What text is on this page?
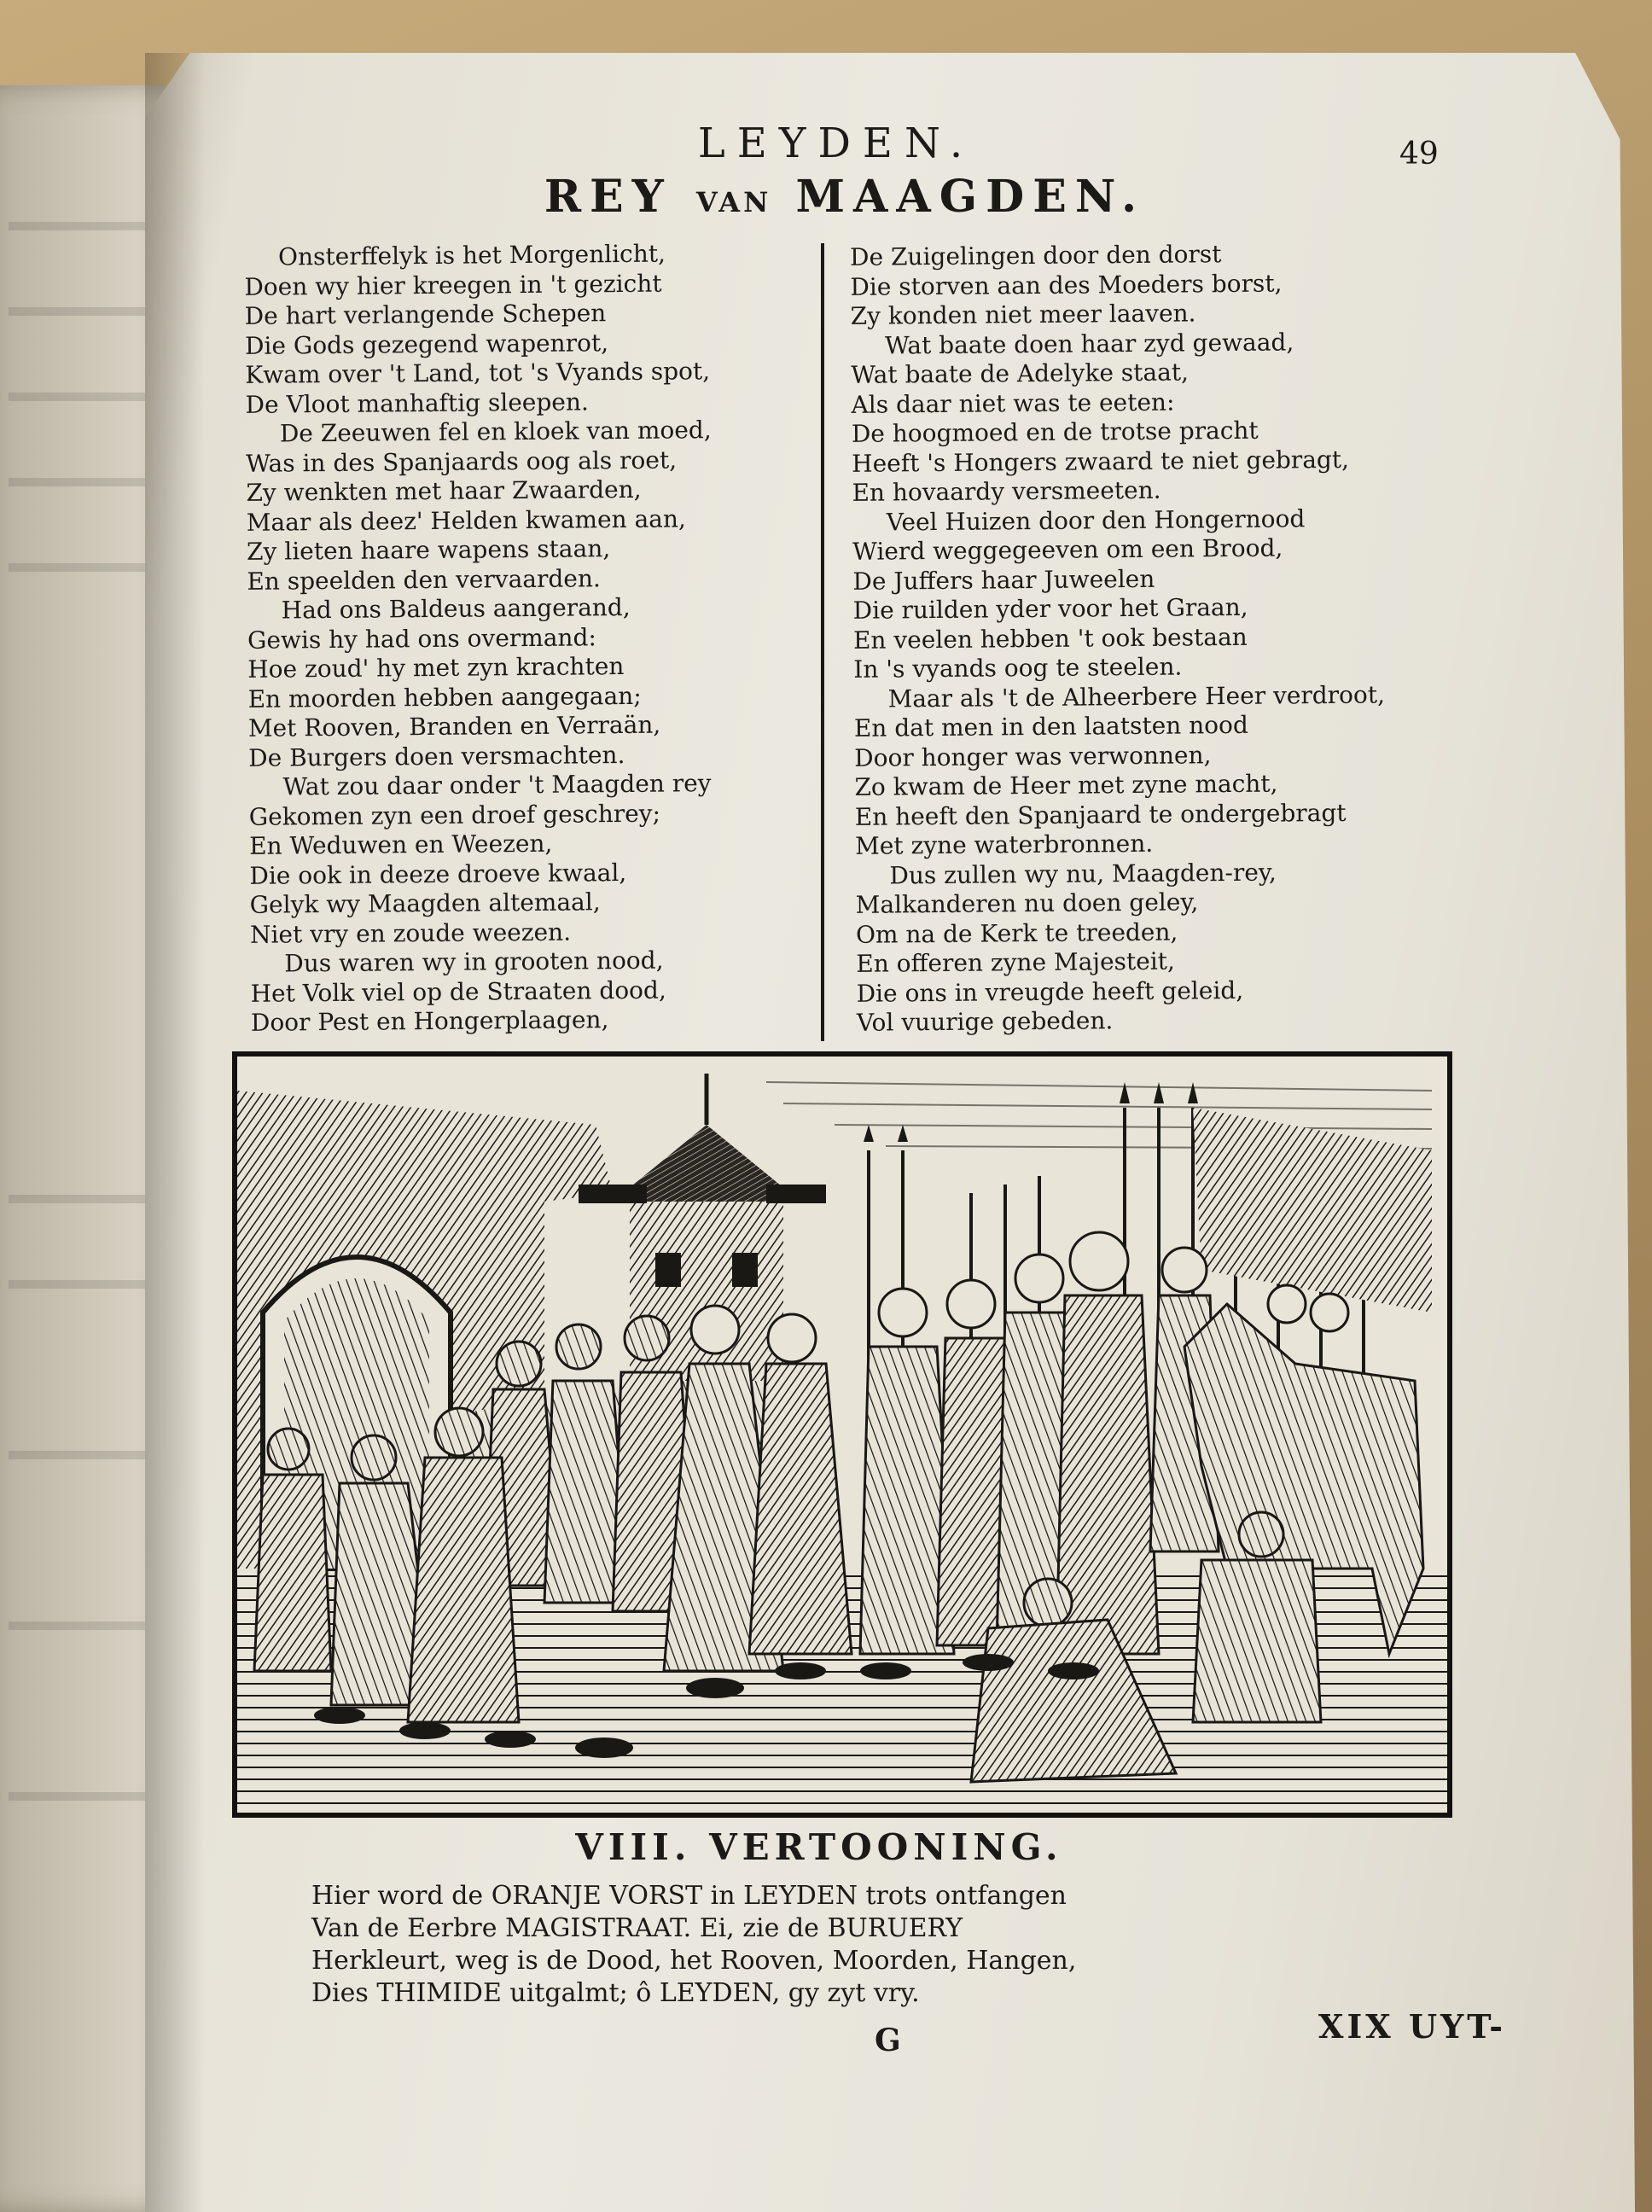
LEYDEN.	49
REY VAN MAAGDEN.
Onsterffelyk is het Morgenlicht,
Doen wy hier kreegen in 't gezicht
De hart verlangende Schepen
Die Gods gezegend wapenrot,
Kwam over 't Land, tot 's Vyands spot,
De Vloot manhaftig sleepen.
De Zeeuwen fel en kloek van moed,
Was in des Spanjaards oog als roet,
Zy wenkten met haar Zwaarden,
Maar als deez' Helden kwamen aan,
Zy lieten haare wapens staan,
En speelden den vervaarden.
Had ons Baldeus aangerand,
Gewis hy had ons overmand:
Hoe zoud' hy met zyn krachten
En moorden hebben aangegaan;
Met Rooven, Branden en Verraän,
De Burgers doen versmachten.
Wat zou daar onder 't Maagden rey
Gekomen zyn een droef geschrey;
En Weduwen en Weezen,
Die ook in deeze droeve kwaal,
Gelyk wy Maagden altemaal,
Niet vry en zoude weezen.
Dus waren wy in grooten nood,
Het Volk viel op de Straaten dood,
Door Pest en Hongerplaagen,
De Zuigelingen door den dorst
Die storven aan des Moeders borst,
Zy konden niet meer laaven.
Wat baate doen haar zyd gewaad,
Wat baate de Adelyke staat,
Als daar niet was te eeten:
De hoogmoed en de trotse pracht
Heeft 's Hongers zwaard te niet gebragt,
En hovaardy versmeeten.
Veel Huizen door den Hongernood
Wierd weggegeeven om een Brood,
De Juffers haar Juweelen
Die ruilden yder voor het Graan,
En veelen hebben 't ook bestaan
In 's vyands oog te steelen.
Maar als 't de Alheerbere Heer verdroot,
En dat men in den laatsten nood
Door honger was verwonnen,
Zo kwam de Heer met zyne macht,
En heeft den Spanjaard te ondergebragt
Met zyne waterbronnen.
Dus zullen wy nu, Maagden-rey,
Malkanderen nu doen geley,
Om na de Kerk te treeden,
En offeren zyne Majesteit,
Die ons in vreugde heeft geleid,
Vol vuurige gebeden.
VIII. VERTOONING.
Hier word de ORANJE VORST in LEYDEN trots ontfangen
Van de Eerbre MAGISTRAAT. Ei, zie de BURUERY
Herkleurt, weg is de Dood, het Rooven, Moorden, Hangen,
Dies THIMIDE uitgalmt; ô LEYDEN, gy zyt vry.
G	XIX UYT-
